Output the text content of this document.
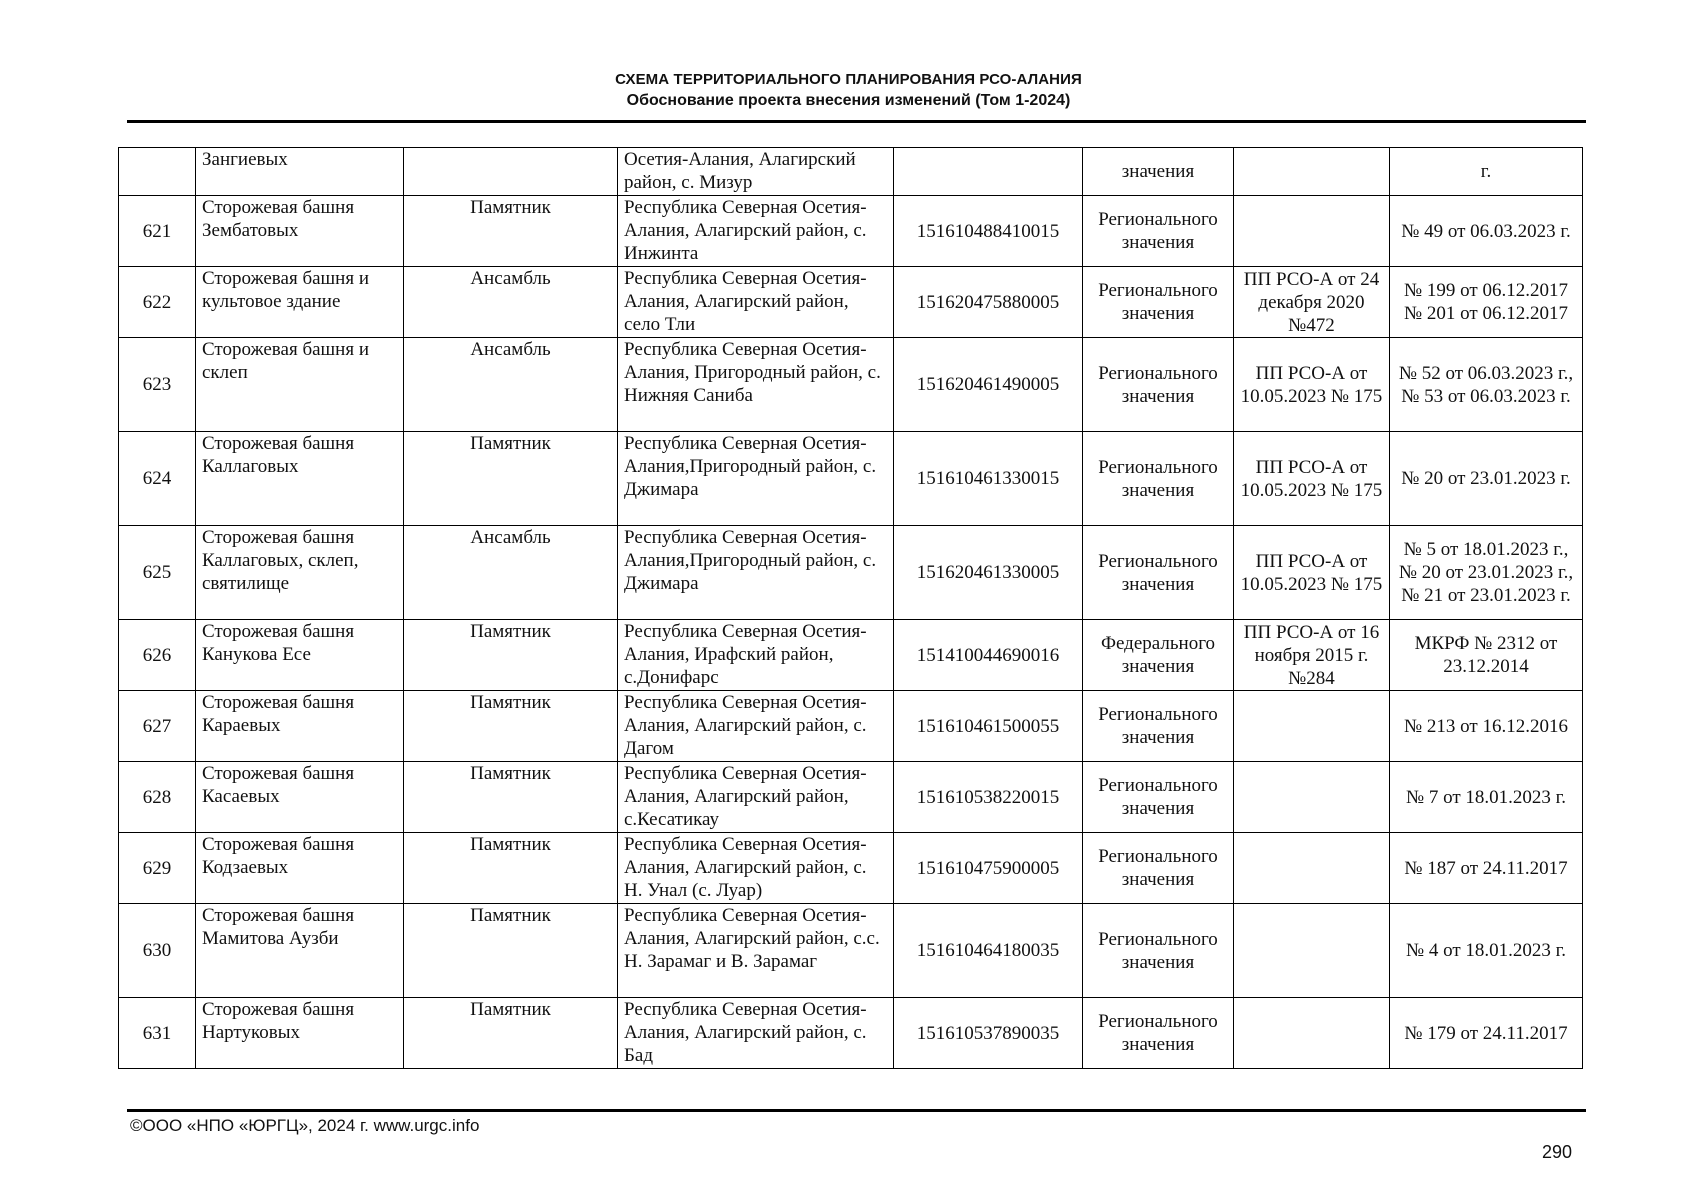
СХЕМА ТЕРРИТОРИАЛЬНОГО ПЛАНИРОВАНИЯ РСО-АЛАНИЯ
Обоснование проекта внесения изменений (Том 1-2024)
	Зангиевых		Осетия-Алания, Алагирский район, с. Мизур		значения		г.
621	Сторожевая башня Зембатовых	Памятник	Республика Северная Осетия-Алания, Алагирский район, с. Инжинта	151610488410015	Регионального значения		№ 49 от 06.03.2023 г.
622	Сторожевая башня и культовое здание	Ансамбль	Республика Северная Осетия-Алания, Алагирский район, село Тли	151620475880005	Регионального значения	ПП РСО-А от 24 декабря 2020 №472	№ 199 от 06.12.2017 № 201 от 06.12.2017
623	Сторожевая башня и склеп	Ансамбль	Республика Северная Осетия-Алания, Пригородный район, с. Нижняя Саниба	151620461490005	Регионального значения	ПП РСО-А от 10.05.2023 № 175	№ 52 от 06.03.2023 г., № 53 от 06.03.2023 г.
624	Сторожевая башня Каллаговых	Памятник	Республика Северная Осетия-Алания,Пригородный район, с. Джимара	151610461330015	Регионального значения	ПП РСО-А от 10.05.2023 № 175	№ 20 от 23.01.2023 г.
625	Сторожевая башня Каллаговых, склеп, святилище	Ансамбль	Республика Северная Осетия-Алания,Пригородный район, с. Джимара	151620461330005	Регионального значения	ПП РСО-А от 10.05.2023 № 175	№ 5 от 18.01.2023 г., № 20 от 23.01.2023 г., № 21 от 23.01.2023 г.
626	Сторожевая башня Канукова Есе	Памятник	Республика Северная Осетия-Алания, Ирафский район, с.Донифарс	151410044690016	Федерального значения	ПП РСО-А от 16 ноября 2015 г. №284	МКРФ № 2312 от 23.12.2014
627	Сторожевая башня Караевых	Памятник	Республика Северная Осетия-Алания, Алагирский район, с. Дагом	151610461500055	Регионального значения		№ 213 от 16.12.2016
628	Сторожевая башня Касаевых	Памятник	Республика Северная Осетия-Алания, Алагирский район, с.Кесатикау	151610538220015	Регионального значения		№ 7 от 18.01.2023 г.
629	Сторожевая башня Кодзаевых	Памятник	Республика Северная Осетия-Алания, Алагирский район, с. Н. Унал (с. Луар)	151610475900005	Регионального значения		№ 187 от 24.11.2017
630	Сторожевая башня Мамитова Аузби	Памятник	Республика Северная Осетия-Алания, Алагирский район, с.с. Н. Зарамаг и В. Зарамаг	151610464180035	Регионального значения		№ 4 от 18.01.2023 г.
631	Сторожевая башня Нартуковых	Памятник	Республика Северная Осетия-Алания, Алагирский район, с. Бад	151610537890035	Регионального значения		№ 179 от 24.11.2017
©ООО «НПО «ЮРГЦ», 2024 г. www.urgc.info
290
